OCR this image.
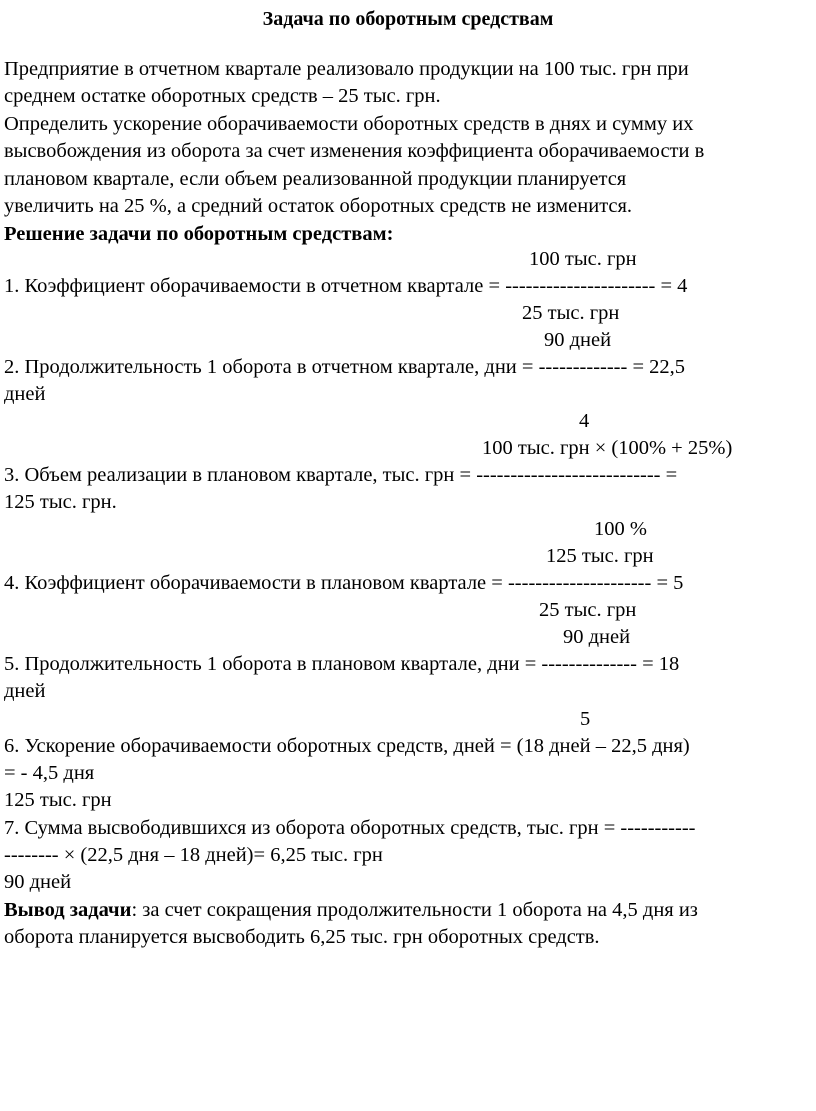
Задача по оборотным средствам
Предприятие в отчетном квартале реализовало продукции на 100 тыс. грн при
среднем остатке оборотных средств – 25 тыс. грн.
Определить ускорение оборачиваемости оборотных средств в днях и сумму их
высвобождения из оборота за счет изменения коэффициента оборачиваемости в
плановом квартале, если объем реализованной продукции планируется
увеличить на 25 %, а средний остаток оборотных средств не изменится.
Решение задачи по оборотным средствам:
100 тыс. грн
1. Коэффициент оборачиваемости в отчетном квартале = ---------------------- = 4
25 тыс. грн
90 дней
2. Продолжительность 1 оборота в отчетном квартале, дни = ------------- = 22,5
дней
4
100 тыс. грн × (100% + 25%)
3. Объем реализации в плановом квартале, тыс. грн = --------------------------- =
125 тыс. грн.
100 %
125 тыс. грн
4. Коэффициент оборачиваемости в плановом квартале = --------------------- = 5
25 тыс. грн
90 дней
5. Продолжительность 1 оборота в плановом квартале, дни = -------------- = 18
дней
5
6. Ускорение оборачиваемости оборотных средств, дней = (18 дней – 22,5 дня)
= - 4,5 дня
125 тыс. грн
7. Сумма высвободившихся из оборота оборотных средств, тыс. грн = -----------
-------- × (22,5 дня – 18 дней)= 6,25 тыс. грн
90 дней
Вывод задачи: за счет сокращения продолжительности 1 оборота на 4,5 дня из
оборота планируется высвободить 6,25 тыс. грн оборотных средств.
